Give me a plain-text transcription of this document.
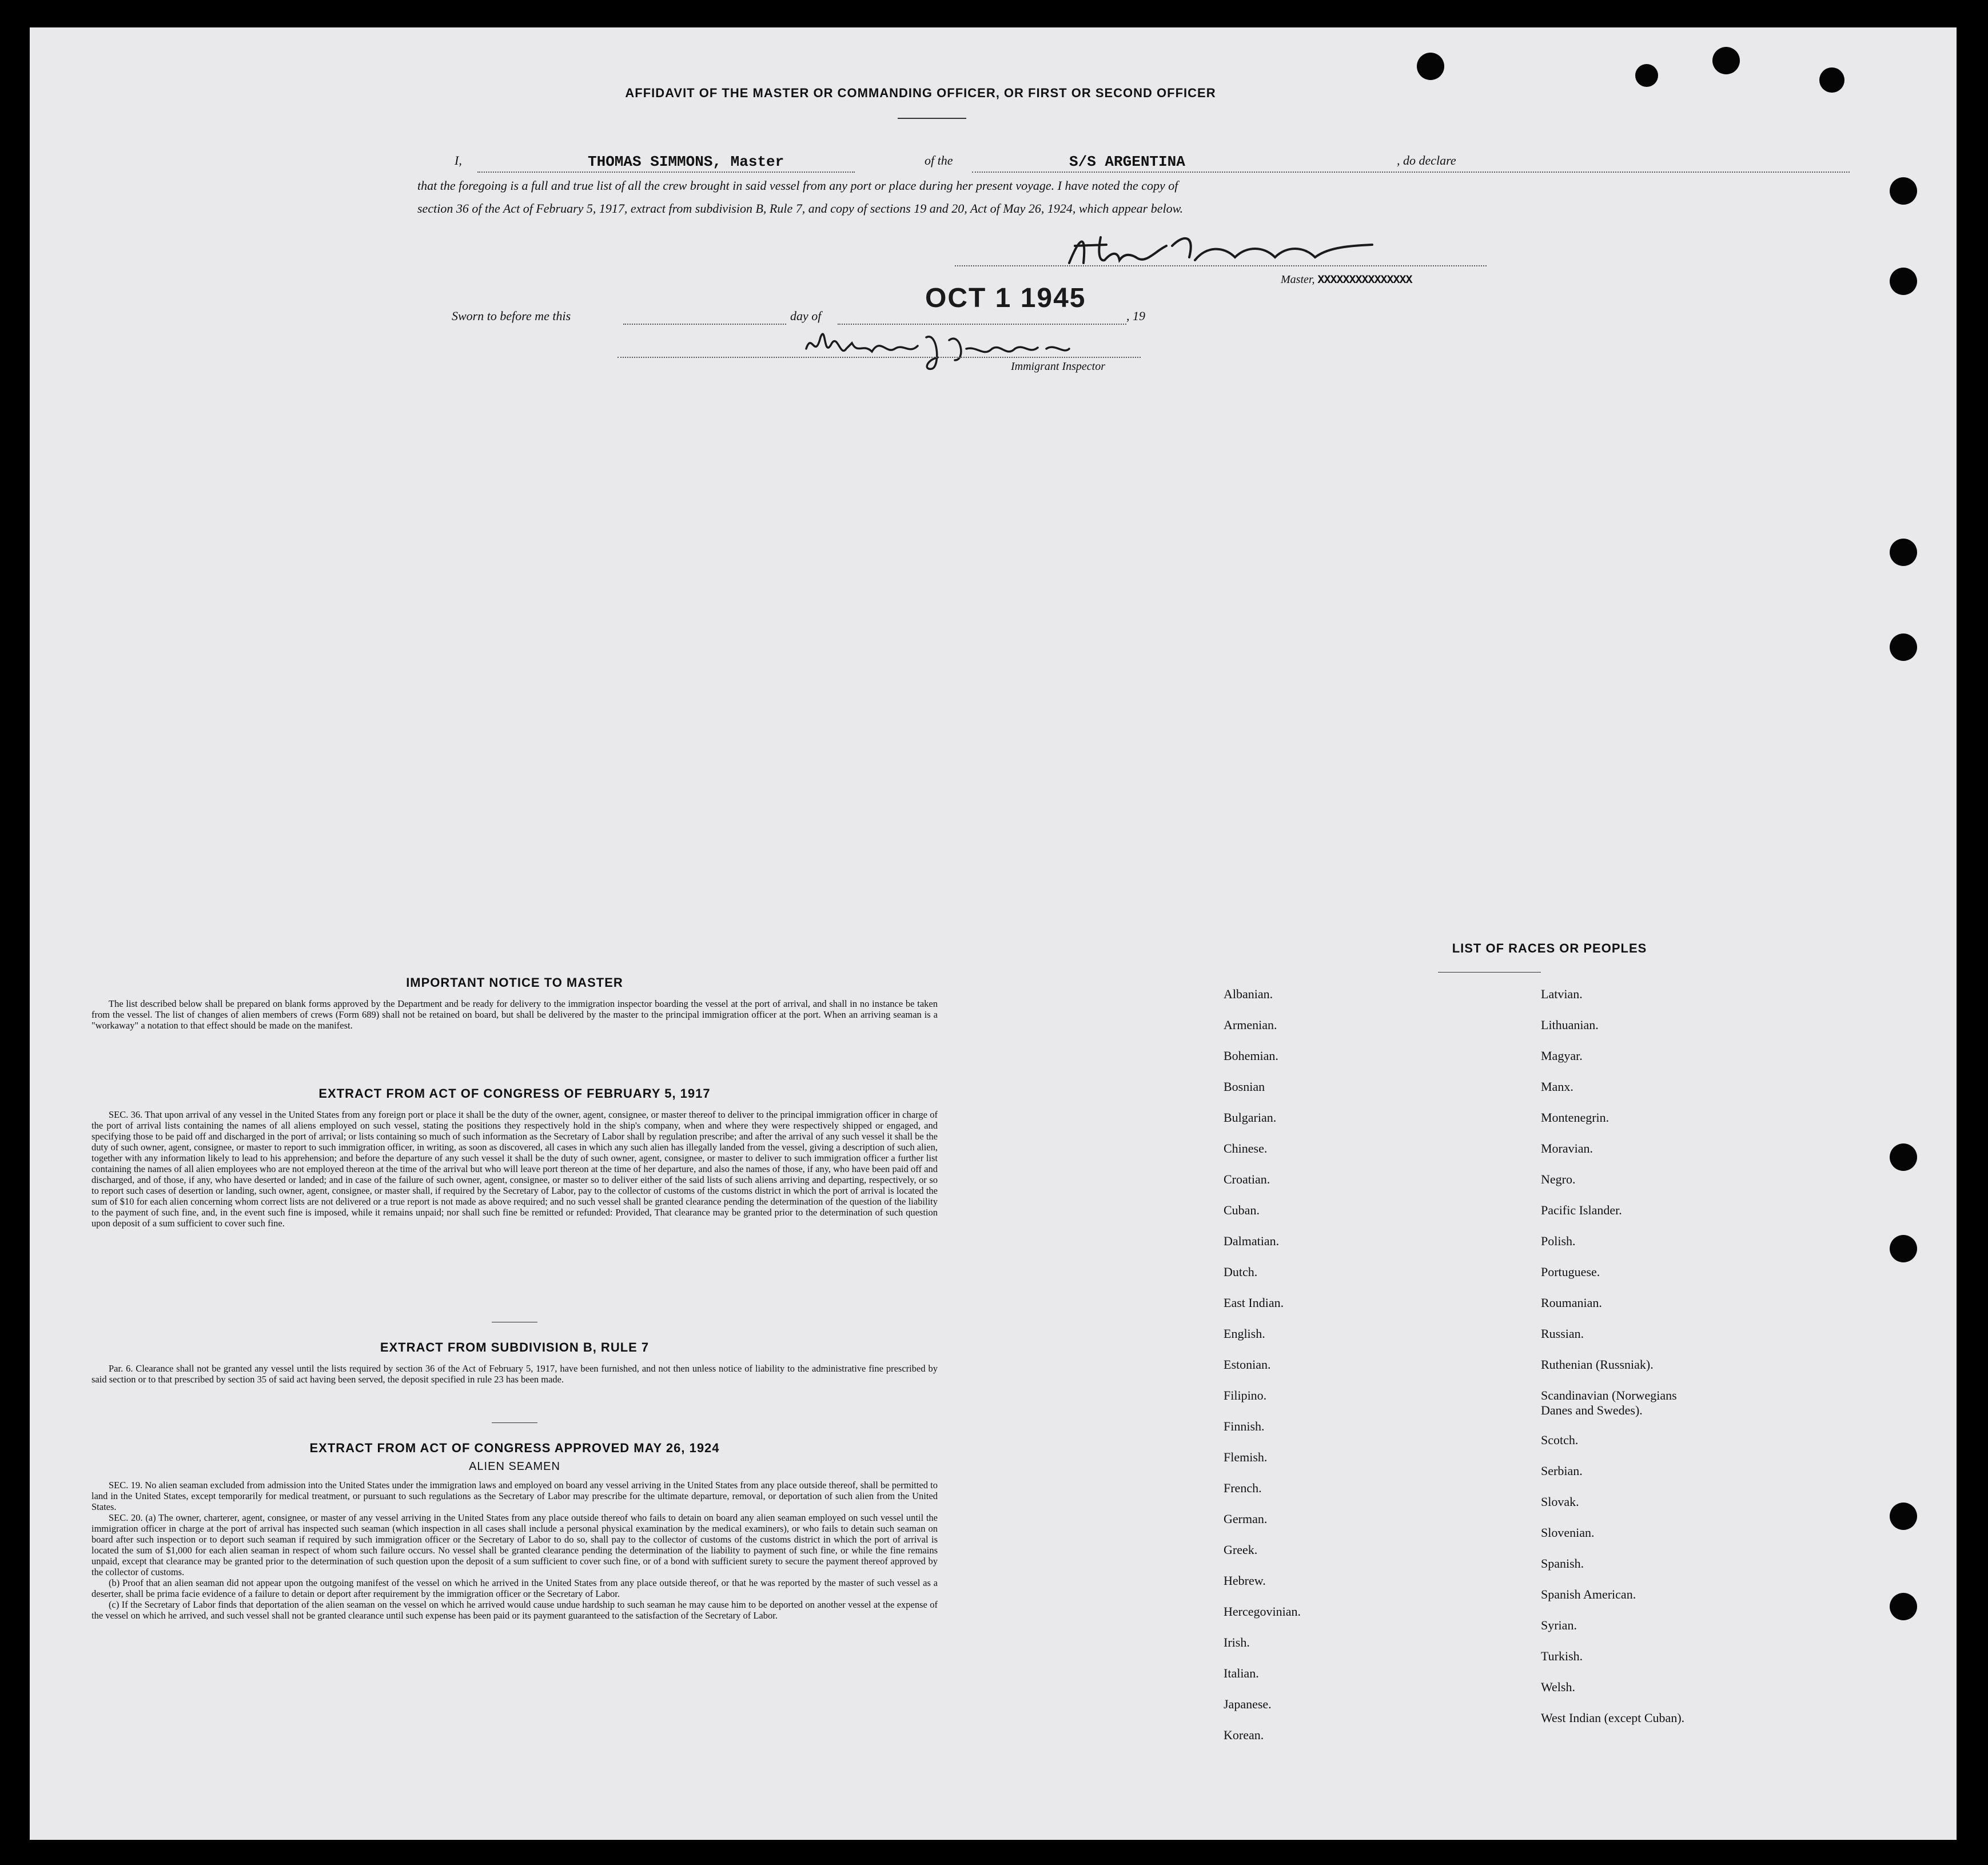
AFFIDAVIT OF THE MASTER OR COMMANDING OFFICER, OR FIRST OR SECOND OFFICER
I,	THOMAS SIMMONS, Master	of the	S/S ARGENTINA	, do declare
that the foregoing is a full and true list of all the crew brought in said vessel from any port or place during her present voyage. I have noted the copy of
section 36 of the Act of February 5, 1917, extract from subdivision B, Rule 7, and copy of sections 19 and 20, Act of May 26, 1924, which appear below.
Master, XXXXXXXXXXXXXXX
Sworn to before me this	day of
OCT 1 1945
, 19
Immigrant Inspector
IMPORTANT NOTICE TO MASTER

The list described below shall be prepared on blank forms approved by the Department and be ready for delivery to the immigration inspector boarding the vessel at the port of arrival, and shall in no instance be taken from the vessel. The list of changes of alien members of crews (Form 689) shall not be retained on board, but shall be delivered by the master to the principal immigration officer at the port. When an arriving seaman is a "workaway" a notation to that effect should be made on the manifest.

EXTRACT FROM ACT OF CONGRESS OF FEBRUARY 5, 1917

SEC. 36. That upon arrival of any vessel in the United States from any foreign port or place it shall be the duty of the owner, agent, consignee, or master thereof to deliver to the principal immigration officer in charge of the port of arrival lists containing the names of all aliens employed on such vessel, stating the positions they respectively hold in the ship's company, when and where they were respectively shipped or engaged, and specifying those to be paid off and discharged in the port of arrival; or lists containing so much of such information as the Secretary of Labor shall by regulation prescribe; and after the arrival of any such vessel it shall be the duty of such owner, agent, consignee, or master to report to such immigration officer, in writing, as soon as discovered, all cases in which any such alien has illegally landed from the vessel, giving a description of such alien, together with any information likely to lead to his apprehension; and before the departure of any such vessel it shall be the duty of such owner, agent, consignee, or master to deliver to such immigration officer a further list containing the names of all alien employees who are not employed thereon at the time of the arrival but who will leave port thereon at the time of her departure, and also the names of those, if any, who have been paid off and discharged, and of those, if any, who have deserted or landed; and in case of the failure of such owner, agent, consignee, or master so to deliver either of the said lists of such aliens arriving and departing, respectively, or so to report such cases of desertion or landing, such owner, agent, consignee, or master shall, if required by the Secretary of Labor, pay to the collector of customs of the customs district in which the port of arrival is located the sum of $10 for each alien concerning whom correct lists are not delivered or a true report is not made as above required; and no such vessel shall be granted clearance pending the determination of the question of the liability to the payment of such fine, and, in the event such fine is imposed, while it remains unpaid; nor shall such fine be remitted or refunded: Provided, That clearance may be granted prior to the determination of such question upon deposit of a sum sufficient to cover such fine.

EXTRACT FROM SUBDIVISION B, RULE 7

Par. 6. Clearance shall not be granted any vessel until the lists required by section 36 of the Act of February 5, 1917, have been furnished, and not then unless notice of liability to the administrative fine prescribed by said section or to that prescribed by section 35 of said act having been served, the deposit specified in rule 23 has been made.

EXTRACT FROM ACT OF CONGRESS APPROVED MAY 26, 1924
ALIEN SEAMEN

SEC. 19. No alien seaman excluded from admission into the United States under the immigration laws and employed on board any vessel arriving in the United States from any place outside thereof, shall be permitted to land in the United States, except temporarily for medical treatment, or pursuant to such regulations as the Secretary of Labor may prescribe for the ultimate departure, removal, or deportation of such alien from the United States.

SEC. 20. (a) The owner, charterer, agent, consignee, or master of any vessel arriving in the United States from any place outside thereof who fails to detain on board any alien seaman employed on such vessel until the immigration officer in charge at the port of arrival has inspected such seaman (which inspection in all cases shall include a personal physical examination by the medical examiners), or who fails to detain such seaman on board after such inspection or to deport such seaman if required by such immigration officer or the Secretary of Labor to do so, shall pay to the collector of customs of the customs district in which the port of arrival is located the sum of $1,000 for each alien seaman in respect of whom such failure occurs. No vessel shall be granted clearance pending the determination of the liability to payment of such fine, or while the fine remains unpaid, except that clearance may be granted prior to the determination of such question upon the deposit of a sum sufficient to cover such fine, or of a bond with sufficient surety to secure the payment thereof approved by the collector of customs.

(b) Proof that an alien seaman did not appear upon the outgoing manifest of the vessel on which he arrived in the United States from any place outside thereof, or that he was reported by the master of such vessel as a deserter, shall be prima facie evidence of a failure to detain or deport after requirement by the immigration officer or the Secretary of Labor.

(c) If the Secretary of Labor finds that deportation of the alien seaman on the vessel on which he arrived would cause undue hardship to such seaman he may cause him to be deported on another vessel at the expense of the vessel on which he arrived, and such vessel shall not be granted clearance until such expense has been paid or its payment guaranteed to the satisfaction of the Secretary of Labor.

LIST OF RACES OR PEOPLES
Albanian.
Armenian.
Bohemian.
Bosnian
Bulgarian.
Chinese.
Croatian.
Cuban.
Dalmatian.
Dutch.
East Indian.
English.
Estonian.
Filipino.
Finnish.
Flemish.
French.
German.
Greek.
Hebrew.
Hercegovinian.
Irish.
Italian.
Japanese.
Korean.
Latvian.
Lithuanian.
Magyar.
Manx.
Montenegrin.
Moravian.
Negro.
Pacific Islander.
Polish.
Portuguese.
Roumanian.
Russian.
Ruthenian (Russniak).
Scandinavian (Norwegians
Danes and Swedes).
Scotch.
Serbian.
Slovak.
Slovenian.
Spanish.
Spanish American.
Syrian.
Turkish.
Welsh.
West Indian (except Cuban).
